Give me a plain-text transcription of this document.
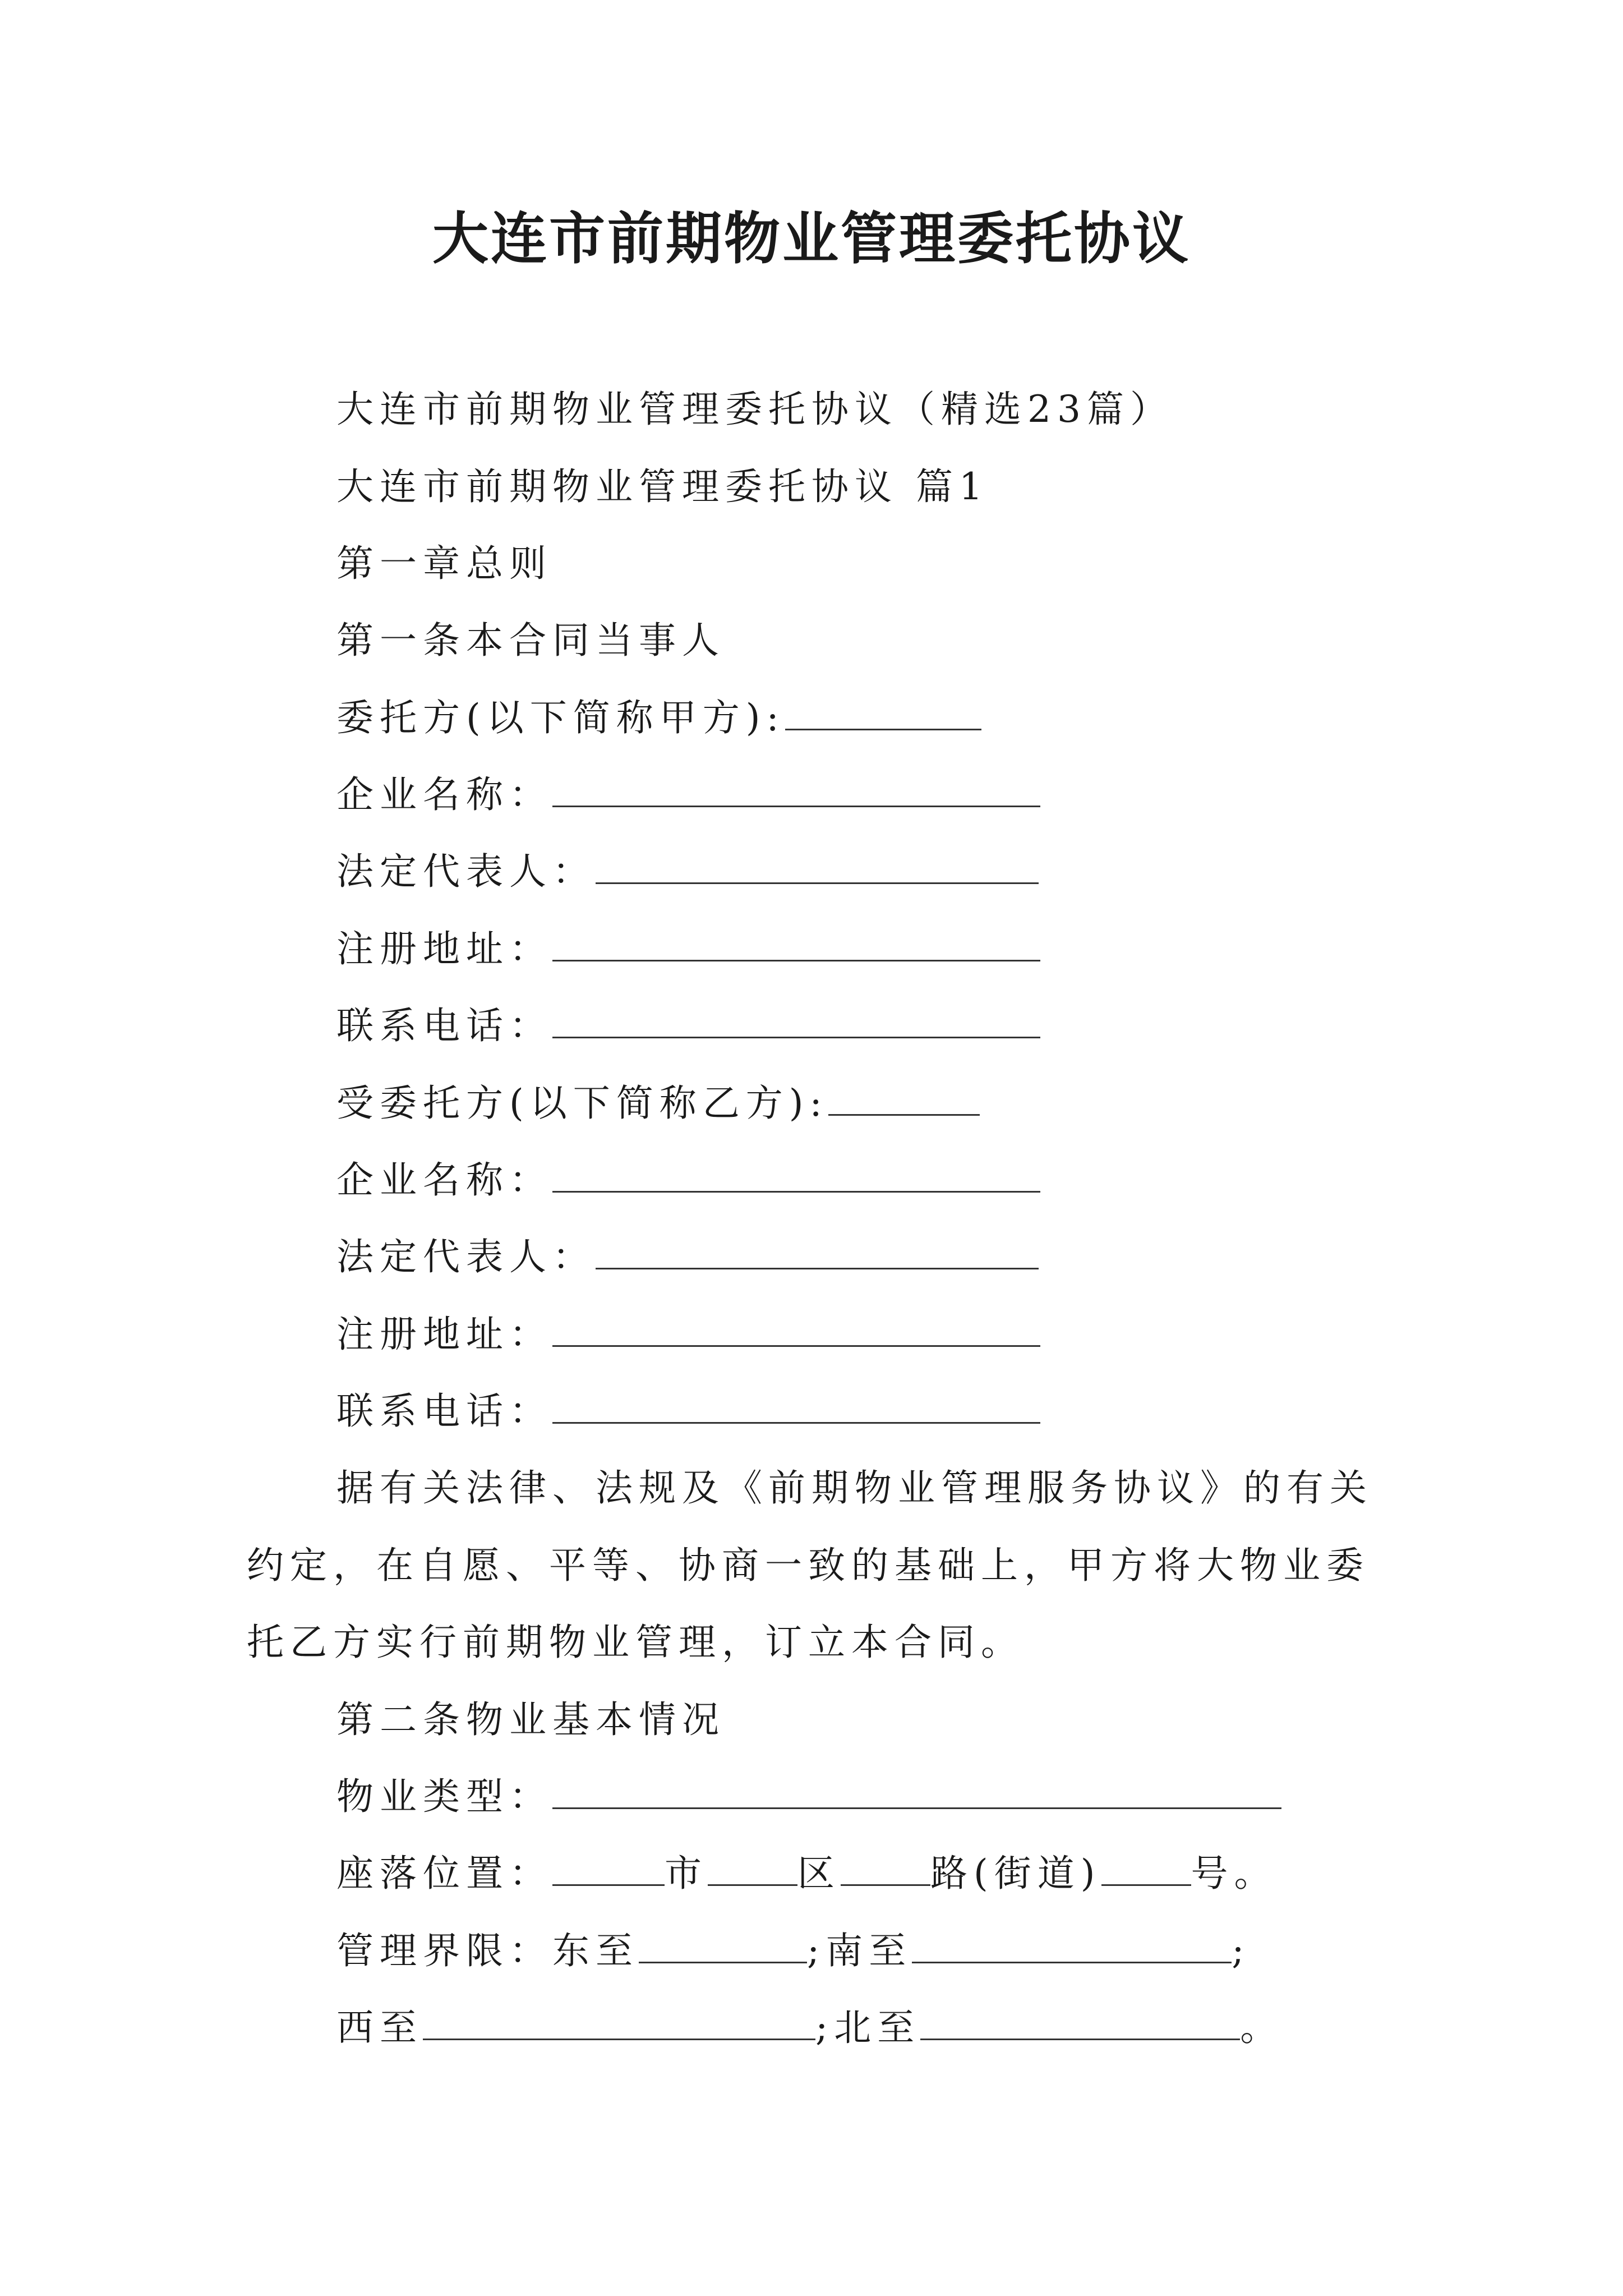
大连市前期物业管理委托协议
大连市前期物业管理委托协议（精选23篇）
大连市前期物业管理委托协议 篇1
第一章总则
第一条本合同当事人
委托方(以下简称甲方):
企业名称：
法定代表人：
注册地址：
联系电话：
受委托方(以下简称乙方):
企业名称：
法定代表人：
注册地址：
联系电话：
据有关法律、法规及《前期物业管理服务协议》的有关
约定，在自愿、平等、协商一致的基础上，甲方将大物业委
托乙方实行前期物业管理，订立本合同。
第二条物业基本情况
物业类型：
座落位置：	市 区 路(街道) 号。
管理界限：东至	;南至	;
西至	;北至	。
